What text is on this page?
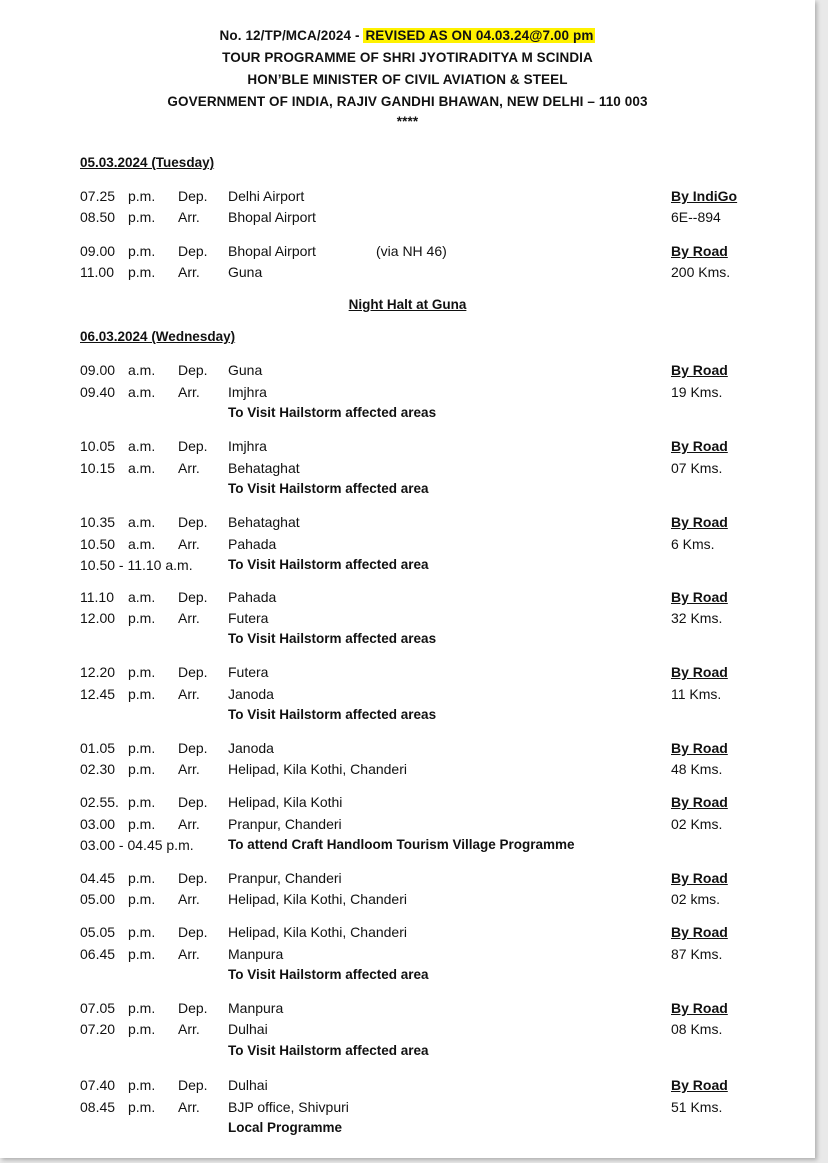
No. 12/TP/MCA/2024 - REVISED AS ON 04.03.24@7.00 pm
TOUR PROGRAMME OF SHRI JYOTIRADITYA M SCINDIA
HON’BLE MINISTER OF CIVIL AVIATION & STEEL
GOVERNMENT OF INDIA, RAJIV GANDHI BHAWAN, NEW DELHI – 110 003
****
05.03.2024 (Tuesday)
07.25 p.m. Dep. Delhi Airport	By IndiGo
08.50 p.m. Arr. Bhopal Airport	6E--894
09.00 p.m. Dep. Bhopal Airport	(via NH 46)	By Road
11.00 p.m. Arr. Guna	200 Kms.
Night Halt at Guna
06.03.2024 (Wednesday)
09.00 a.m. Dep. Guna	By Road
09.40 a.m. Arr. Imjhra	19 Kms.
To Visit Hailstorm affected areas
10.05 a.m. Dep. Imjhra	By Road
10.15 a.m. Arr. Behataghat	07 Kms.
To Visit Hailstorm affected area
10.35 a.m. Dep. Behataghat	By Road
10.50 a.m. Arr. Pahada	6 Kms.
10.50 - 11.10 a.m.	To Visit Hailstorm affected area
11.10 a.m. Dep. Pahada	By Road
12.00 p.m. Arr. Futera	32 Kms.
To Visit Hailstorm affected areas
12.20 p.m. Dep. Futera	By Road
12.45 p.m. Arr. Janoda	11 Kms.
To Visit Hailstorm affected areas
01.05 p.m. Dep. Janoda	By Road
02.30 p.m. Arr. Helipad, Kila Kothi, Chanderi	48 Kms.
02.55. p.m. Dep. Helipad, Kila Kothi	By Road
03.00 p.m. Arr. Pranpur, Chanderi	02 Kms.
03.00 - 04.45 p.m.	To attend Craft Handloom Tourism Village Programme
04.45 p.m. Dep. Pranpur, Chanderi	By Road
05.00 p.m. Arr. Helipad, Kila Kothi, Chanderi	02 kms.
05.05 p.m. Dep. Helipad, Kila Kothi, Chanderi	By Road
06.45 p.m. Arr. Manpura	87 Kms.
To Visit Hailstorm affected area
07.05 p.m. Dep. Manpura	By Road
07.20 p.m. Arr. Dulhai	08 Kms.
To Visit Hailstorm affected area
07.40 p.m. Dep. Dulhai	By Road
08.45 p.m. Arr. BJP office, Shivpuri	51 Kms.
Local Programme
